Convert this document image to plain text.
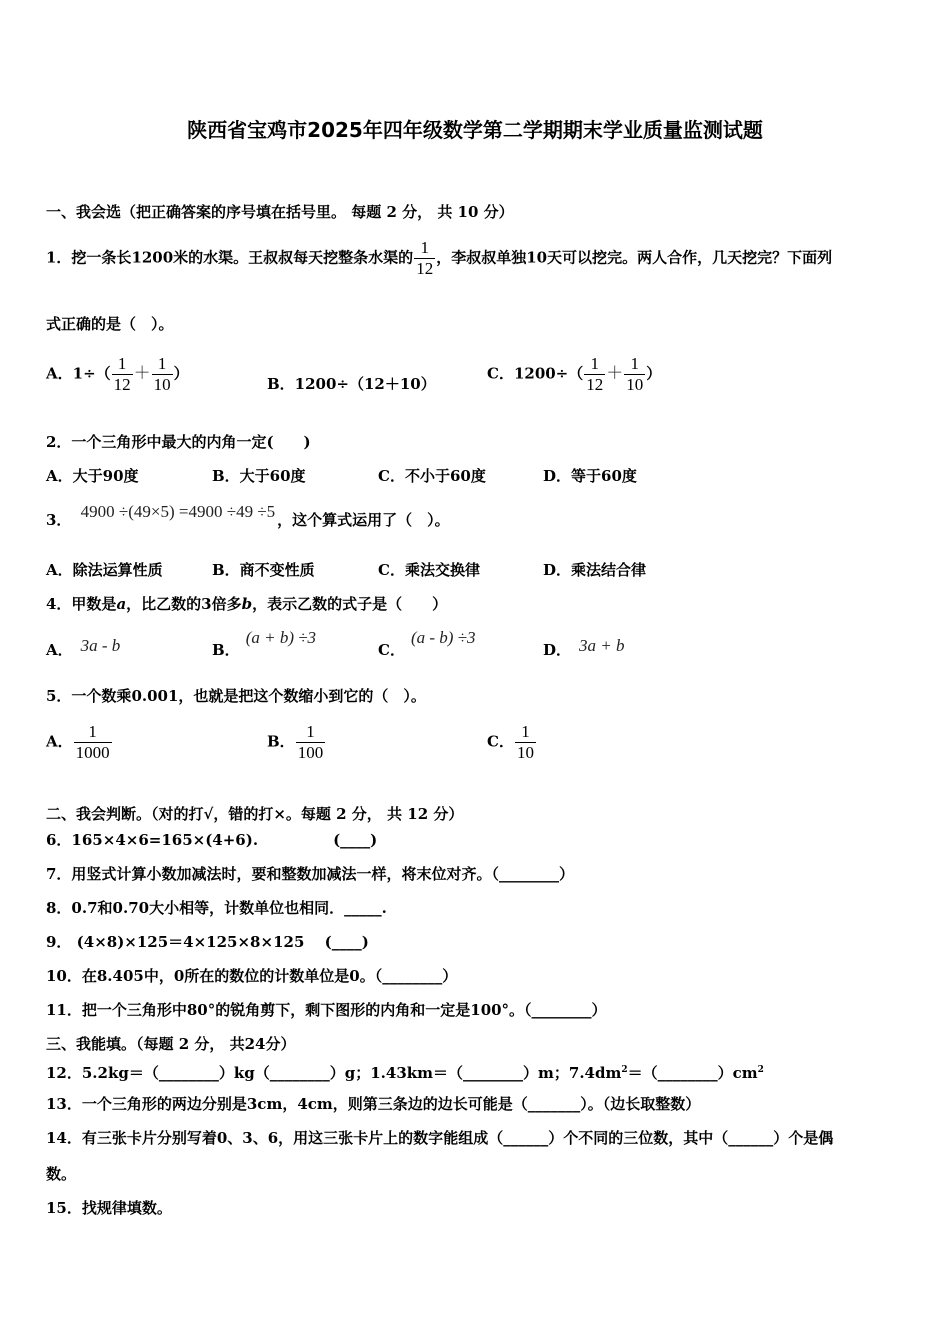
陕西省宝鸡市2025年四年级数学第二学期期末学业质量监测试题
一、我会选（把正确答案的序号填在括号里。 每题 2 分， 共 10 分）
1．挖一条长1200米的水渠。王叔叔每天挖整条水渠的 $\frac{1}{12}$ ，李叔叔单独10天可以挖完。两人合作，几天挖完？下面列
式正确的是（　）。
A．$1\div( \frac{1}{12} + \frac{1}{10}$ ）
B．1200÷（12＋10）
C．$1200\div( \frac{1}{12} + \frac{1}{10}$ ）
2．一个三角形中最大的内角一定(　　)
A．大于90度	B．大于60度	C．不小于60度	D．等于60度
3． 4900 ÷(49×5) =4900 ÷49 ÷5 ，这个算式运用了（　）。
A．除法运算性质	B．商不变性质	C．乘法交换律	D．乘法结合律
4．甲数是a，比乙数的3倍多b，表示乙数的式子是（　　）
A． 3a - b	B．(a + b) ÷3
C．(a - b) ÷3
D． 3a + b
5．一个数乘0.001，也就是把这个数缩小到它的（　）。
A． $\frac{1}{1000}$	B． $\frac{1}{100}$	C． $\frac{1}{10}$
二、我会判断。（对的打√，错的打×。每题 2 分， 共 12 分）
6．165×4×6=165×(4+6).　　　　　(____)
7．用竖式计算小数加减法时，要和整数加减法一样，将末位对齐。（________）
8．0.7和0.70大小相等，计数单位也相同．_____.
9． (4×8)×125＝4×125×8×125　 (____)
10．在8.405中，0所在的数位的计数单位是0。（________）
11．把一个三角形中80°的锐角剪下，剩下图形的内角和一定是100°。（________）
三、我能填。（每题 2 分， 共24分）
12．5.2kg＝（________）kg（________）g；1.43km＝（________）m；$7.4dm^2=(\_\_\_\_\_\_\_\_)cm^2$
13．一个三角形的两边分别是3cm，4cm，则第三条边的边长可能是（_______）。（边长取整数）
14．有三张卡片分别写着0、3、6，用这三张卡片上的数字能组成（______）个不同的三位数，其中（______）个是偶
数。
15．找规律填数。
